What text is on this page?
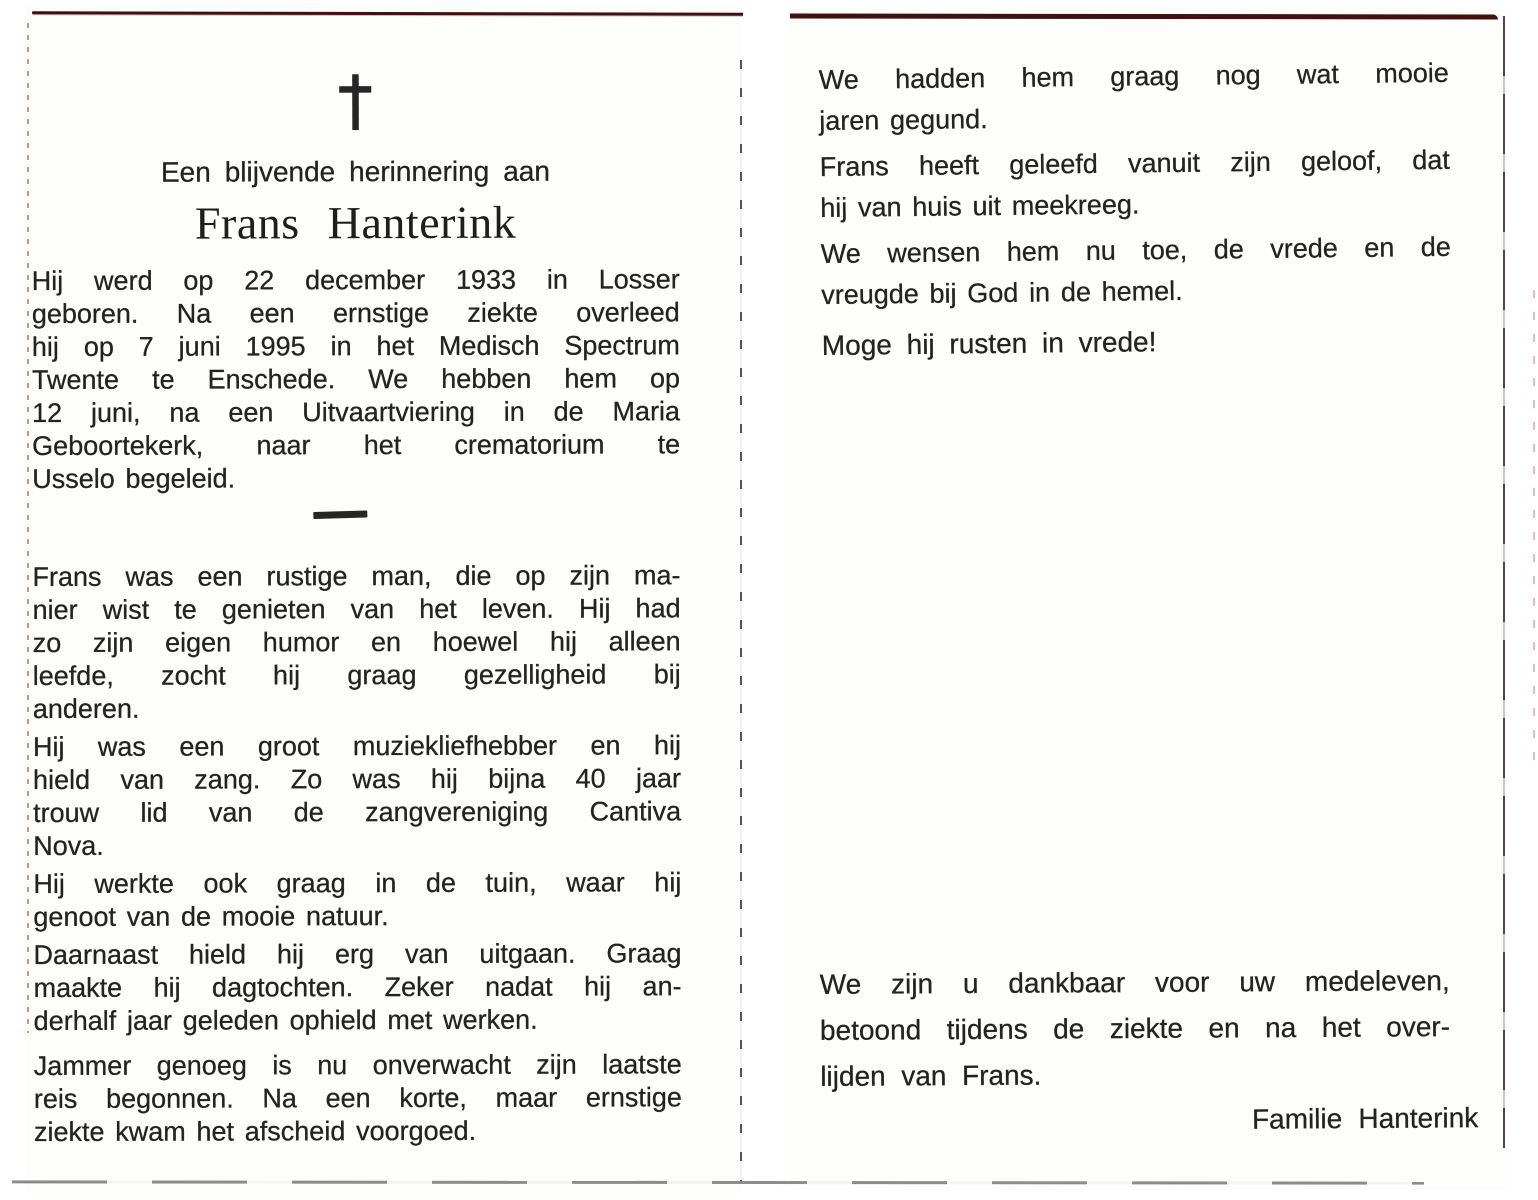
Een blijvende herinnering aan
Frans Hanterink
Hij werd op 22 december 1933 in Losser
geboren. Na een ernstige ziekte overleed
hij op 7 juni 1995 in het Medisch Spectrum
Twente te Enschede. We hebben hem op
12 juni, na een Uitvaartviering in de Maria
Geboortekerk, naar het crematorium te
Usselo begeleid.
Frans was een rustige man, die op zijn ma-
nier wist te genieten van het leven. Hij had
zo zijn eigen humor en hoewel hij alleen
leefde, zocht hij graag gezelligheid bij
anderen.
Hij was een groot muziekliefhebber en hij
hield van zang. Zo was hij bijna 40 jaar
trouw lid van de zangvereniging Cantiva
Nova.
Hij werkte ook graag in de tuin, waar hij
genoot van de mooie natuur.
Daarnaast hield hij erg van uitgaan. Graag
maakte hij dagtochten. Zeker nadat hij an-
derhalf jaar geleden ophield met werken.
Jammer genoeg is nu onverwacht zijn laatste
reis begonnen. Na een korte, maar ernstige
ziekte kwam het afscheid voorgoed.
We hadden hem graag nog wat mooie
jaren gegund.
Frans heeft geleefd vanuit zijn geloof, dat
hij van huis uit meekreeg.
We wensen hem nu toe, de vrede en de
vreugde bij God in de hemel.
Moge hij rusten in vrede!
We zijn u dankbaar voor uw medeleven,
betoond tijdens de ziekte en na het over-
lijden van Frans.
Familie Hanterink
